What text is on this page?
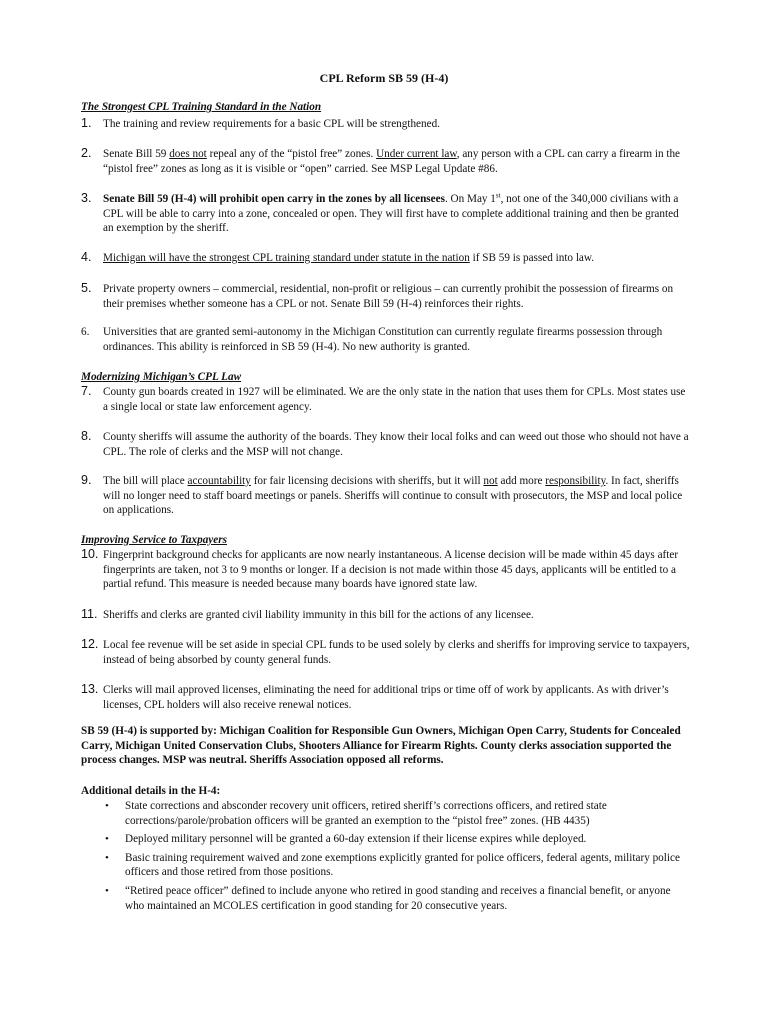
CPL Reform SB 59 (H-4)
The Strongest CPL Training Standard in the Nation
1. The training and review requirements for a basic CPL will be strengthened.
2. Senate Bill 59 does not repeal any of the “pistol free” zones. Under current law, any person with a CPL can carry a firearm in the “pistol free” zones as long as it is visible or “open” carried. See MSP Legal Update #86.
3. Senate Bill 59 (H-4) will prohibit open carry in the zones by all licensees. On May 1st, not one of the 340,000 civilians with a CPL will be able to carry into a zone, concealed or open. They will first have to complete additional training and then be granted an exemption by the sheriff.
4. Michigan will have the strongest CPL training standard under statute in the nation if SB 59 is passed into law.
5. Private property owners – commercial, residential, non-profit or religious – can currently prohibit the possession of firearms on their premises whether someone has a CPL or not. Senate Bill 59 (H-4) reinforces their rights.
6. Universities that are granted semi-autonomy in the Michigan Constitution can currently regulate firearms possession through ordinances. This ability is reinforced in SB 59 (H-4). No new authority is granted.
Modernizing Michigan’s CPL Law
7. County gun boards created in 1927 will be eliminated. We are the only state in the nation that uses them for CPLs. Most states use a single local or state law enforcement agency.
8. County sheriffs will assume the authority of the boards. They know their local folks and can weed out those who should not have a CPL. The role of clerks and the MSP will not change.
9. The bill will place accountability for fair licensing decisions with sheriffs, but it will not add more responsibility. In fact, sheriffs will no longer need to staff board meetings or panels. Sheriffs will continue to consult with prosecutors, the MSP and local police on applications.
Improving Service to Taxpayers
10. Fingerprint background checks for applicants are now nearly instantaneous. A license decision will be made within 45 days after fingerprints are taken, not 3 to 9 months or longer. If a decision is not made within those 45 days, applicants will be entitled to a partial refund. This measure is needed because many boards have ignored state law.
11. Sheriffs and clerks are granted civil liability immunity in this bill for the actions of any licensee.
12. Local fee revenue will be set aside in special CPL funds to be used solely by clerks and sheriffs for improving service to taxpayers, instead of being absorbed by county general funds.
13. Clerks will mail approved licenses, eliminating the need for additional trips or time off of work by applicants. As with driver’s licenses, CPL holders will also receive renewal notices.
SB 59 (H-4) is supported by: Michigan Coalition for Responsible Gun Owners, Michigan Open Carry, Students for Concealed Carry, Michigan United Conservation Clubs, Shooters Alliance for Firearm Rights. County clerks association supported the process changes. MSP was neutral. Sheriffs Association opposed all reforms.
Additional details in the H-4:
• State corrections and absconder recovery unit officers, retired sheriff’s corrections officers, and retired state corrections/parole/probation officers will be granted an exemption to the “pistol free” zones. (HB 4435)
• Deployed military personnel will be granted a 60-day extension if their license expires while deployed.
• Basic training requirement waived and zone exemptions explicitly granted for police officers, federal agents, military police officers and those retired from those positions.
• “Retired peace officer” defined to include anyone who retired in good standing and receives a financial benefit, or anyone who maintained an MCOLES certification in good standing for 20 consecutive years.
